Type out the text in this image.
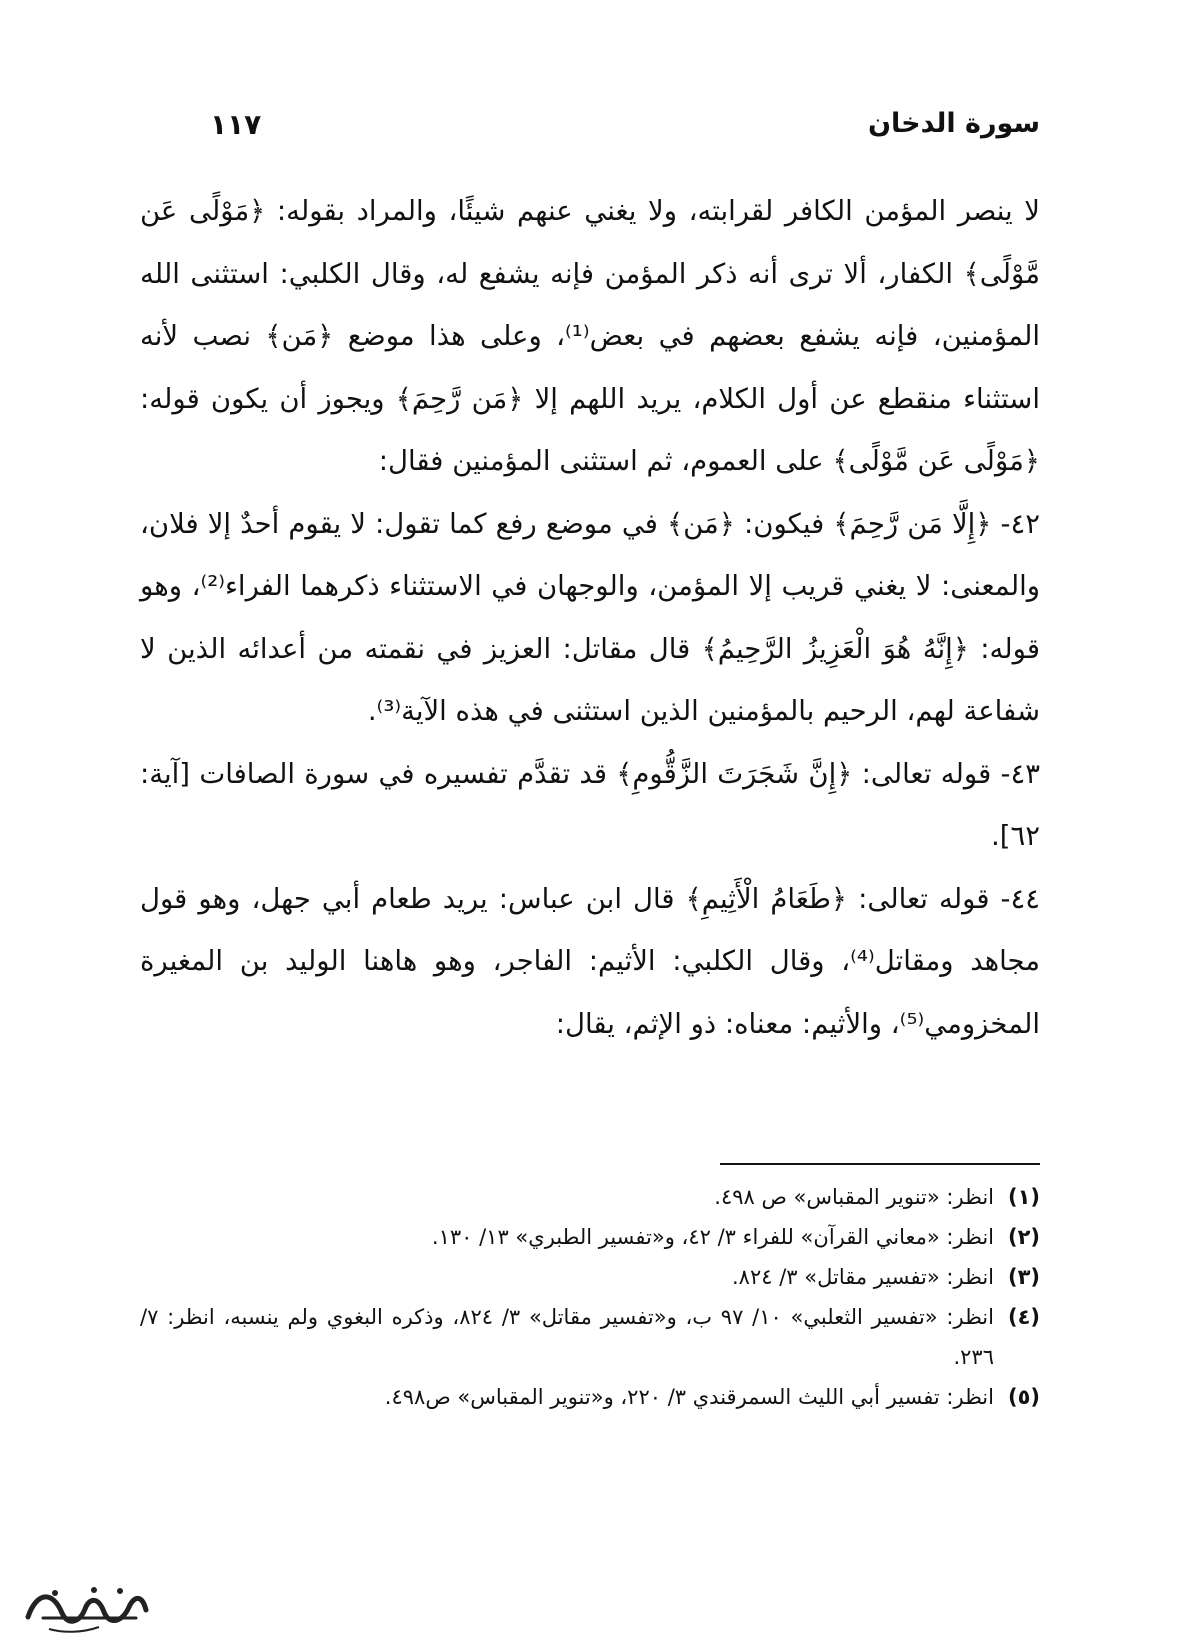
سورة الدخان
١١٧

لا ينصر المؤمن الكافر لقرابته، ولا يغني عنهم شيئًا، والمراد بقوله: ﴿مَوْلًى عَن مَّوْلًى﴾ الكفار، ألا ترى أنه ذكر المؤمن فإنه يشفع له، وقال الكلبي: استثنى الله المؤمنين، فإنه يشفع بعضهم في بعض⁽¹⁾، وعلى هذا موضع ﴿مَن﴾ نصب لأنه استثناء منقطع عن أول الكلام، يريد اللهم إلا ﴿مَن رَّحِمَ﴾ ويجوز أن يكون قوله: ﴿مَوْلًى عَن مَّوْلًى﴾ على العموم، ثم استثنى المؤمنين فقال:

٤٢- ﴿إِلَّا مَن رَّحِمَ﴾ فيكون: ﴿مَن﴾ في موضع رفع كما تقول: لا يقوم أحدٌ إلا فلان، والمعنى: لا يغني قريب إلا المؤمن، والوجهان في الاستثناء ذكرهما الفراء⁽²⁾، وهو قوله: ﴿إِنَّهُ هُوَ الْعَزِيزُ الرَّحِيمُ﴾ قال مقاتل: العزيز في نقمته من أعدائه الذين لا شفاعة لهم، الرحيم بالمؤمنين الذين استثنى في هذه الآية⁽³⁾.

٤٣- قوله تعالى: ﴿إِنَّ شَجَرَتَ الزَّقُّومِ﴾ قد تقدَّم تفسيره في سورة الصافات [آية: ٦٢].

٤٤- قوله تعالى: ﴿طَعَامُ الْأَثِيمِ﴾ قال ابن عباس: يريد طعام أبي جهل، وهو قول مجاهد ومقاتل⁽⁴⁾، وقال الكلبي: الأثيم: الفاجر، وهو هاهنا الوليد بن المغيرة المخزومي⁽⁵⁾، والأثيم: معناه: ذو الإثم، يقال:

(١)
انظر: «تنوير المقباس» ص ٤٩٨.
(٢)
انظر: «معاني القرآن» للفراء ٣/ ٤٢، و«تفسير الطبري» ١٣/ ١٣٠.
(٣)
انظر: «تفسير مقاتل» ٣/ ٨٢٤.
(٤)
انظر: «تفسير الثعلبي» ١٠/ ٩٧ ب، و«تفسير مقاتل» ٣/ ٨٢٤، وذكره البغوي ولم ينسبه، انظر: ٧/ ٢٣٦.
(٥)
انظر: تفسير أبي الليث السمرقندي ٣/ ٢٢٠، و«تنوير المقباس» ص٤٩٨.
